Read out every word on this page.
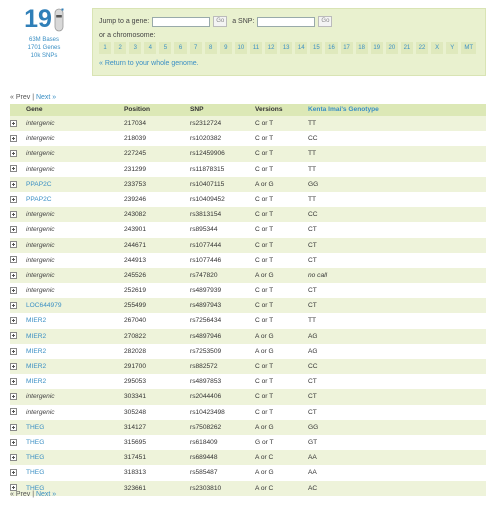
19
63M Bases
1701 Genes
10k SNPs
Jump to a gene:	Go	a SNP:	Go
or a chromosome:
1	2	3	4	5	6	7	8	9	10	11	12	13	14	15	16	17	18	19	20	21	22	X	Y	MT
« Return to your whole genome.
« Prev | Next »
Gene	Position	SNP	Versions	Kenta Imai's Genotype
intergenic	217034	rs2312724	C or T	TT
intergenic	218039	rs1020382	C or T	CC
intergenic	227245	rs12459906	C or T	TT
intergenic	231299	rs11878315	C or T	TT
PPAP2C	233753	rs10407115	A or G	GG
PPAP2C	239246	rs10409452	C or T	TT
intergenic	243082	rs3813154	C or T	CC
intergenic	243901	rs895344	C or T	CT
intergenic	244671	rs1077444	C or T	CT
intergenic	244913	rs1077446	C or T	CT
intergenic	245526	rs747820	A or G	no call
intergenic	252619	rs4897939	C or T	CT
LOC644979	255499	rs4897943	C or T	CT
MIER2	267040	rs7256434	C or T	TT
MIER2	270822	rs4897946	A or G	AG
MIER2	282028	rs7253509	A or G	AG
MIER2	291700	rs882572	C or T	CC
MIER2	295053	rs4897853	C or T	CT
intergenic	303341	rs2044406	C or T	CT
intergenic	305248	rs10423498	C or T	CT
THEG	314127	rs7508262	A or G	GG
THEG	315695	rs618409	G or T	GT
THEG	317451	rs689448	A or C	AA
THEG	318313	rs585487	A or G	AA
THEG	323661	rs2303810	A or C	AC
« Prev | Next »
